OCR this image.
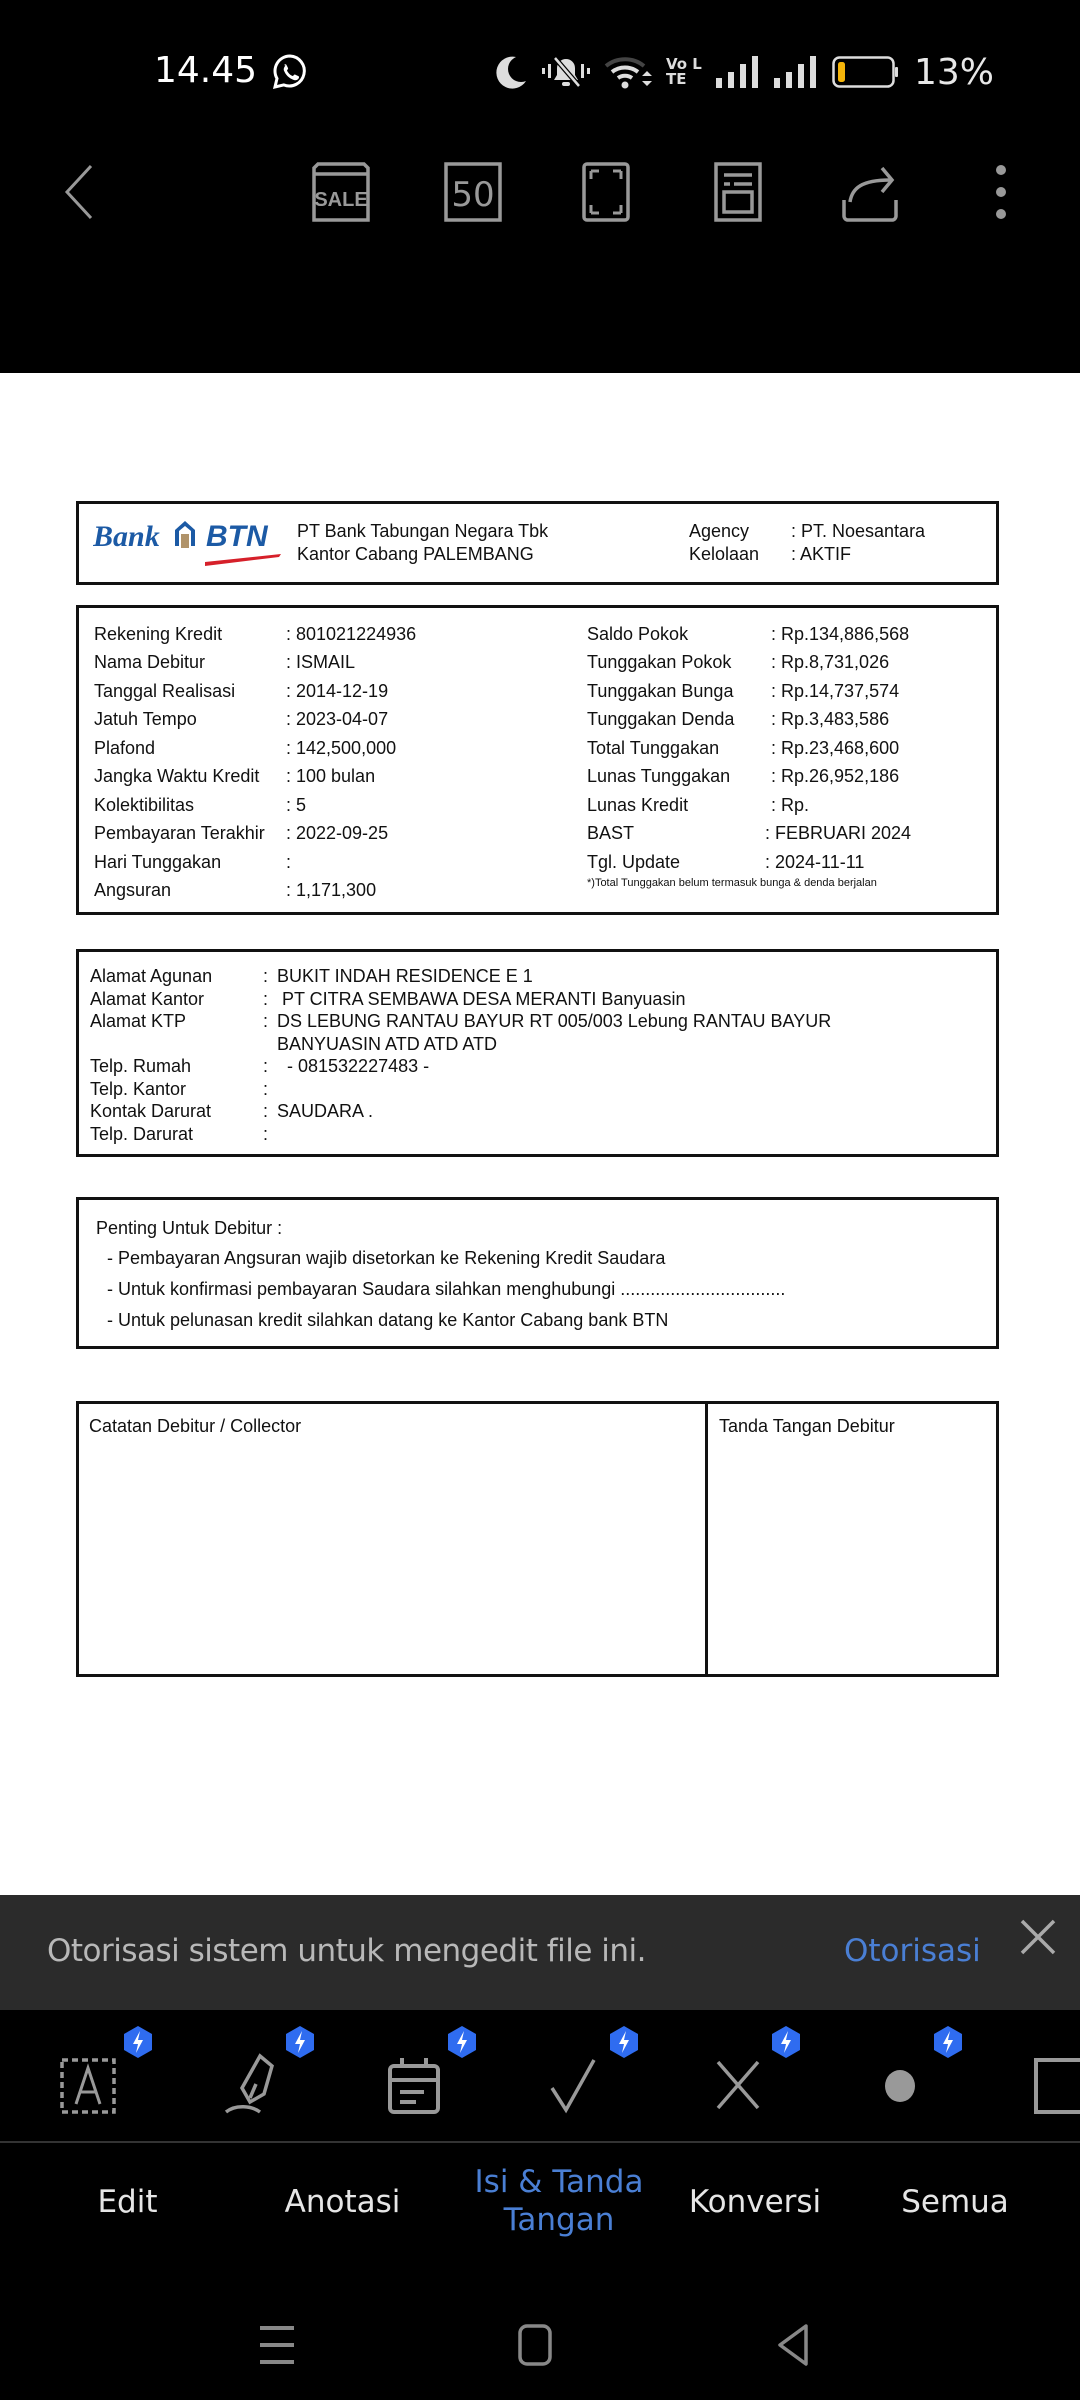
14.45	Vo LTE	13%
SALE 50
Bank BTN PT Bank Tabungan Negara Tbk
Kantor Cabang PALEMBANG
Agency	: PT. Noesantara
Kelolaan	: AKTIF
Rekening Kredit	: 801021224936
Nama Debitur	: ISMAIL
Tanggal Realisasi	: 2014-12-19
Jatuh Tempo	: 2023-04-07
Plafond	: 142,500,000
Jangka Waktu Kredit	: 100 bulan
Kolektibilitas	: 5
Pembayaran Terakhir	: 2022-09-25
Hari Tunggakan	:
Angsuran	: 1,171,300
Saldo Pokok	: Rp.134,886,568
Tunggakan Pokok	: Rp.8,731,026
Tunggakan Bunga	: Rp.14,737,574
Tunggakan Denda	: Rp.3,483,586
Total Tunggakan	: Rp.23,468,600
Lunas Tunggakan	: Rp.26,952,186
Lunas Kredit	: Rp.
BAST	: FEBRUARI 2024
Tgl. Update	: 2024-11-11
*)Total Tunggakan belum termasuk bunga & denda berjalan
Alamat Agunan	: BUKIT INDAH RESIDENCE E 1
Alamat Kantor	: PT CITRA SEMBAWA DESA MERANTI Banyuasin
Alamat KTP	: DS LEBUNG RANTAU BAYUR RT 005/003 Lebung RANTAU BAYUR
BANYUASIN ATD ATD ATD
Telp. Rumah	: - 081532227483 -
Telp. Kantor	:
Kontak Darurat	: SAUDARA .
Telp. Darurat	:
Penting Untuk Debitur :
- Pembayaran Angsuran wajib disetorkan ke Rekening Kredit Saudara
- Untuk konfirmasi pembayaran Saudara silahkan menghubungi .................................
- Untuk pelunasan kredit silahkan datang ke Kantor Cabang bank BTN
Catatan Debitur / Collector	Tanda Tangan Debitur
Otorisasi sistem untuk mengedit file ini.	Otorisasi
Edit	Anotasi
Isi & Tanda
Tangan	Konversi	Semua
